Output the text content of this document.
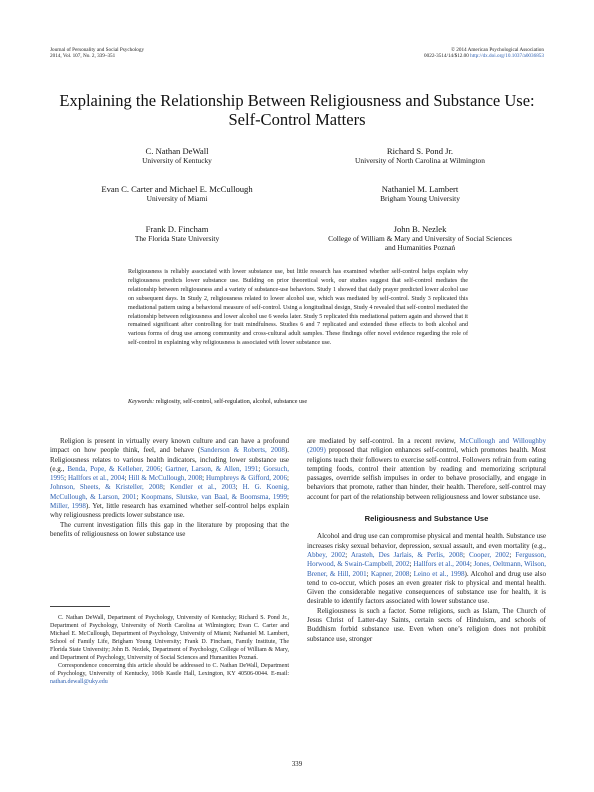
Journal of Personality and Social Psychology
2014, Vol. 107, No. 2, 339–351
© 2014 American Psychological Association
0022-3514/14/$12.00 http://dx.doi.org/10.1037/a0036853
Explaining the Relationship Between Religiousness and Substance Use:
Self-Control Matters
C. Nathan DeWall
University of Kentucky
Richard S. Pond Jr.
University of North Carolina at Wilmington
Evan C. Carter and Michael E. McCullough
University of Miami
Nathaniel M. Lambert
Brigham Young University
Frank D. Fincham
The Florida State University
John B. Nezlek
College of William & Mary and University of Social Sciences
and Humanities Poznań
Religiousness is reliably associated with lower substance use, but little research has examined whether self-control helps explain why religiousness predicts lower substance use. Building on prior theoretical work, our studies suggest that self-control mediates the relationship between religiousness and a variety of substance-use behaviors. Study 1 showed that daily prayer predicted lower alcohol use on subsequent days. In Study 2, religiousness related to lower alcohol use, which was mediated by self-control. Study 3 replicated this mediational pattern using a behavioral measure of self-control. Using a longitudinal design, Study 4 revealed that self-control mediated the relationship between religiousness and lower alcohol use 6 weeks later. Study 5 replicated this mediational pattern again and showed that it remained significant after controlling for trait mindfulness. Studies 6 and 7 replicated and extended these effects to both alcohol and various forms of drug use among community and cross-cultural adult samples. These findings offer novel evidence regarding the role of self-control in explaining why religiousness is associated with lower substance use.
Keywords: religiosity, self-control, self-regulation, alcohol, substance use

Religion is present in virtually every known culture and can have a profound impact on how people think, feel, and behave (Sanderson & Roberts, 2008). Religiousness relates to various health indicators, including lower substance use (e.g., Benda, Pope, & Kelleher, 2006; Gartner, Larson, & Allen, 1991; Gorsuch, 1995; Hallfors et al., 2004; Hill & McCullough, 2008; Humphreys & Gifford, 2006; Johnson, Sheets, & Kristeller, 2008; Kendler et al., 2003; H. G. Koenig, McCullough, & Larson, 2001; Koopmans, Slutske, van Baal, & Boomsma, 1999; Miller, 1998). Yet, little research has examined whether self-control helps explain why religiousness predicts lower substance use.

The current investigation fills this gap in the literature by proposing that the benefits of religiousness on lower substance use

C. Nathan DeWall, Department of Psychology, University of Kentucky; Richard S. Pond Jr., Department of Psychology, University of North Carolina at Wilmington; Evan C. Carter and Michael E. McCullough, Department of Psychology, University of Miami; Nathaniel M. Lambert, School of Family Life, Brigham Young University; Frank D. Fincham, Family Institute, The Florida State University; John B. Nezlek, Department of Psychology, College of William & Mary, and Department of Psychology, University of Social Sciences and Humanities Poznań.

Correspondence concerning this article should be addressed to C. Nathan DeWall, Department of Psychology, University of Kentucky, 106b Kastle Hall, Lexington, KY 40506-0044. E-mail: nathan.dewall@uky.edu

are mediated by self-control. In a recent review, McCullough and Willoughby (2009) proposed that religion enhances self-control, which promotes health. Most religions teach their followers to exercise self-control. Followers refrain from eating tempting foods, control their attention by reading and memorizing scriptural passages, override selfish impulses in order to behave prosocially, and engage in behaviors that promote, rather than hinder, their health. Therefore, self-control may account for part of the relationship between religiousness and lower substance use.

Religiousness and Substance Use

Alcohol and drug use can compromise physical and mental health. Substance use increases risky sexual behavior, depression, sexual assault, and even mortality (e.g., Abbey, 2002; Arasteh, Des Jarlais, & Perlis, 2008; Cooper, 2002; Fergusson, Horwood, & Swain-Campbell, 2002; Hallfors et al., 2004; Jones, Oeltmann, Wilson, Brener, & Hill, 2001; Kapner, 2008; Leino et al., 1998). Alcohol and drug use also tend to co-occur, which poses an even greater risk to physical and mental health. Given the considerable negative consequences of substance use for health, it is desirable to identify factors associated with lower substance use.

Religiousness is such a factor. Some religions, such as Islam, The Church of Jesus Christ of Latter-day Saints, certain sects of Hinduism, and schools of Buddhism forbid substance use. Even when one’s religion does not prohibit substance use, stronger

339
